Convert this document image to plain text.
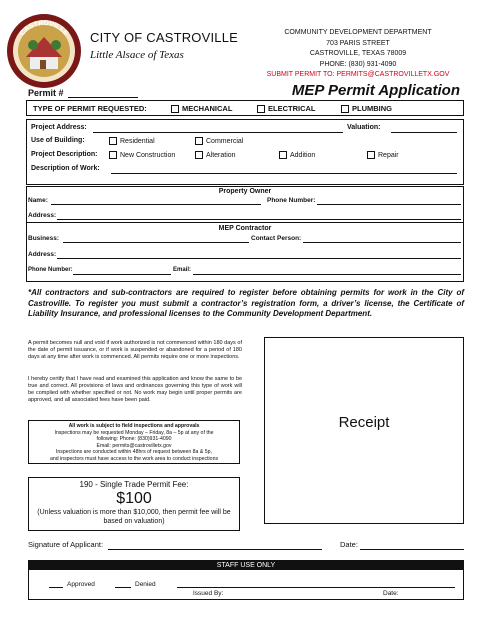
CASTROVILLE CITY OF CASTROVILLE
Little Alsace of Texas
COMMUNITY DEVELOPMENT DEPARTMENT
703 PARIS STREET
CASTROVILLE, TEXAS 78009
PHONE: (830) 931-4090
SUBMIT PERMIT TO: PERMITS@CASTROVILLETX.GOV
Permit #	MEP Permit Application
TYPE OF PERMIT REQUESTED:	MECHANICAL	ELECTRICAL	PLUMBING
Project Address:	Valuation:
Use of Building:	Residential	Commercial
Project Description:	New Construction	Alteration	Addition	Repair
Description of Work:
Property Owner
Name:	Phone Number:
Address:
MEP Contractor
Business:	Contact Person:
Address:
Phone Number:	Email:
*All contractors and sub-contractors are required to register before obtaining permits for work in the City of Castroville. To register you must submit a contractor’s registration form, a driver’s license, the Certificate of Liability Insurance, and professional licenses to the Community Development Department.
A permit becomes null and void if work authorized is not commenced within 180 days of the date of permit issuance, or if work is suspended or abandoned for a period of 180 days at any time after work is commenced. All permits require one or more inspections.
I hereby certify that I have read and examined this application and know the same to be true and correct. All provisions of laws and ordinances governing this type of work will be complied with whether specified or not. No work may begin until proper permits are approved, and all associated fees have been paid.
Receipt
All work is subject to field inspections and approvals
Inspections may be requested Monday – Friday, 8a – 5p at any of the
following: Phone: (830)931-4090
Email: permits@castrovilletx.gov
Inspections are conducted within 48hrs of request between 8a & 5p,
and inspectors must have access to the work area to conduct inspections
190 - Single Trade Permit Fee:
$100
(Unless valuation is more than $10,000, then permit fee will be based on valuation)
Signature of Applicant:	Date:
STAFF USE ONLY
Approved	Denied
Issued By:	Date:
